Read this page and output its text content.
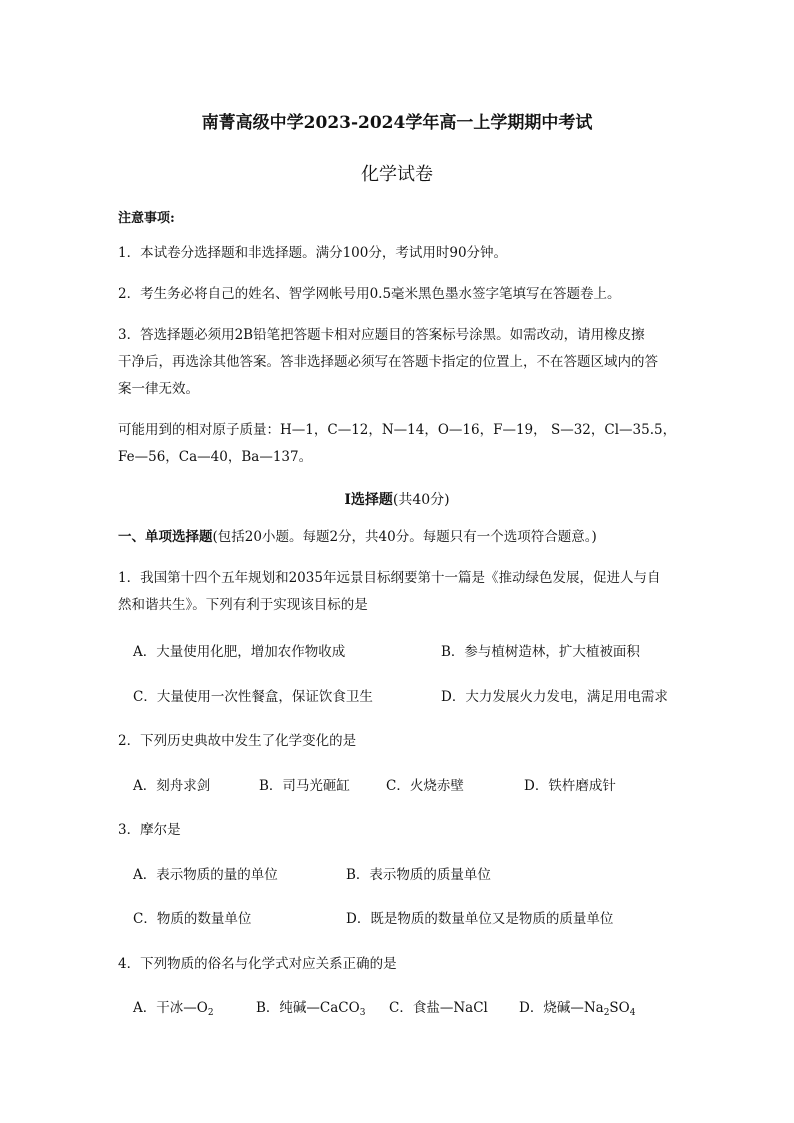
南菁高级中学2023-2024学年高一上学期期中考试
化学试卷
注意事项:
1．本试卷分选择题和非选择题。满分100分，考试用时90分钟。
2．考生务必将自己的姓名、智学网帐号用0.5毫米黑色墨水签字笔填写在答题卷上。
3．答选择题必须用2B铅笔把答题卡相对应题目的答案标号涂黑。如需改动，请用橡皮擦
干净后，再选涂其他答案。答非选择题必须写在答题卡指定的位置上，不在答题区域内的答
案一律无效。
可能用到的相对原子质量：H—1，C—12，N—14，O—16，F—19， S—32，Cl—35.5，
Fe—56，Ca—40，Ba—137。
Ⅰ选择题(共40分)
一、单项选择题(包括20小题。每题2分，共40分。每题只有一个选项符合题意。)
1．我国第十四个五年规划和2035年远景目标纲要第十一篇是《推动绿色发展，促进人与自
然和谐共生》。下列有利于实现该目标的是
A．大量使用化肥，增加农作物收成	B．参与植树造林，扩大植被面积
C．大量使用一次性餐盒，保证饮食卫生	D．大力发展火力发电，满足用电需求
2．下列历史典故中发生了化学变化的是
A．刻舟求剑	B．司马光砸缸	C．火烧赤壁	D．铁杵磨成针
3．摩尔是
A．表示物质的量的单位	B．表示物质的质量单位
C．物质的数量单位	D．既是物质的数量单位又是物质的质量单位
4．下列物质的俗名与化学式对应关系正确的是
A．干冰$—O_2$	B．纯碱—CaCO$_3$ C．食盐—NaCl D．烧碱$—Na_2SO_4$
